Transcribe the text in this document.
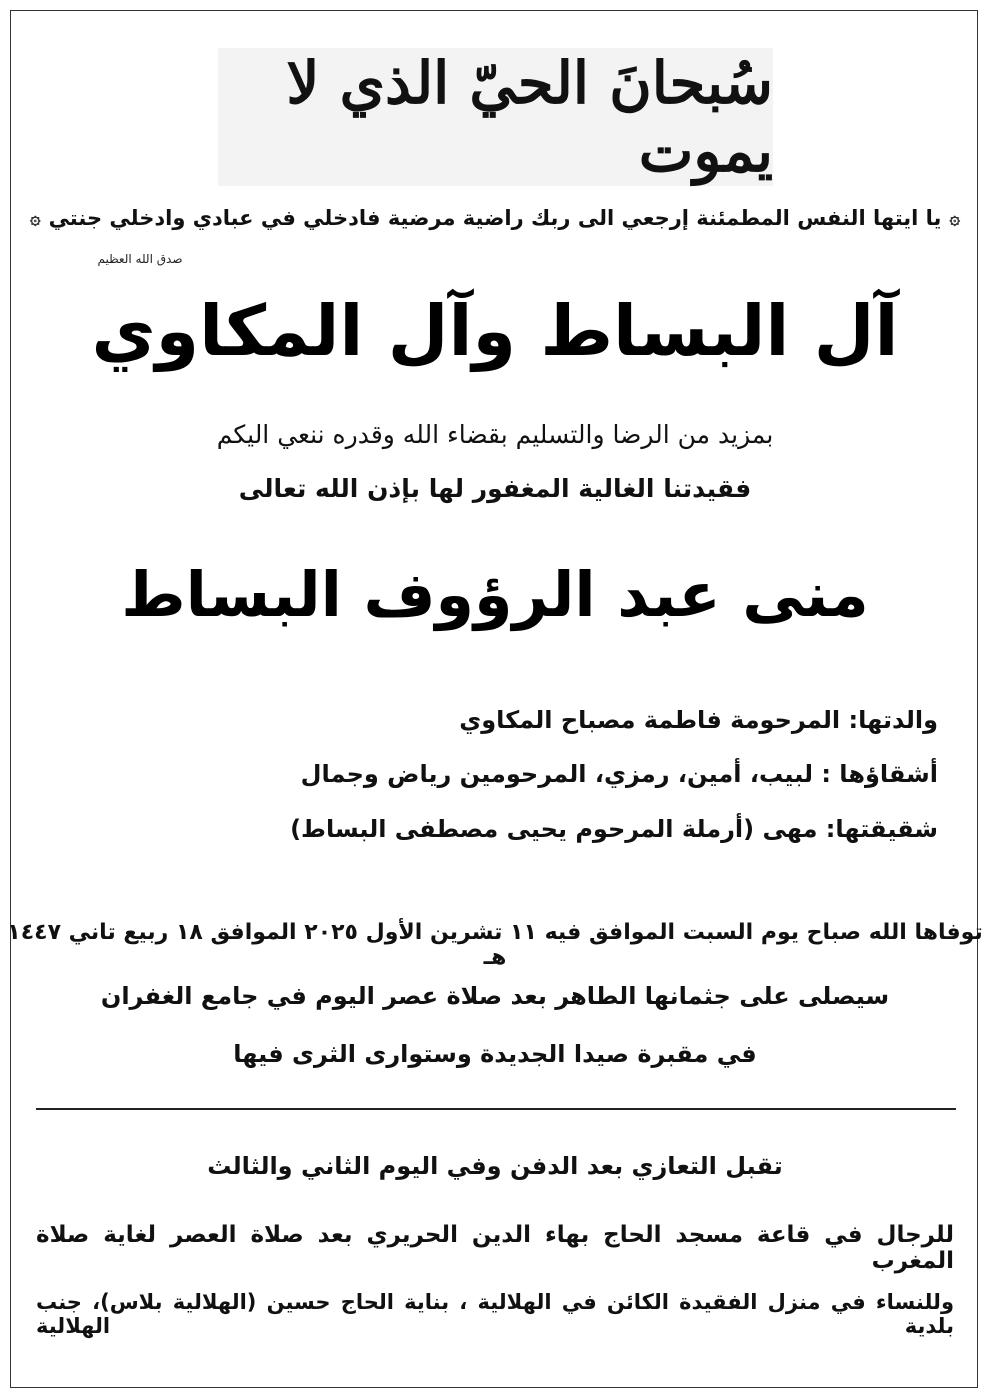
سُبحانَ الحيّ الذي لا يموت
۞
يا ايتها النفس المطمئنة إرجعي الى ربك راضية مرضية فادخلي في عبادي وادخلي جنتي
۞
صدق الله العظيم
آل البساط وآل المكاوي
بمزيد من الرضا والتسليم بقضاء الله وقدره ننعي اليكم
فقيدتنا الغالية المغفور لها بإذن الله تعالى
منى عبد الرؤوف البساط
والدتها: المرحومة فاطمة مصباح المكاوي
أشقاؤها : لبيب، أمين، رمزي، المرحومين رياض وجمال
شقيقتها: مهى (أرملة المرحوم يحيى مصطفى البساط)
توفاها الله صباح يوم السبت الموافق فيه ١١ تشرين الأول ٢٠٢٥ الموافق ١٨ ربيع تاني ١٤٤٧ هـ
سيصلى على جثمانها الطاهر بعد صلاة عصر اليوم في جامع الغفران
في مقبرة صيدا الجديدة وستوارى الثرى فيها
تقبل التعازي بعد الدفن وفي اليوم الثاني والثالث
للرجال في قاعة مسجد الحاج بهاء الدين الحريري بعد صلاة العصر لغاية صلاة المغرب
وللنساء في منزل الفقيدة الكائن في الهلالية ، بناية الحاج حسين (الهلالية بلاس)، جنب بلدية الهلالية
